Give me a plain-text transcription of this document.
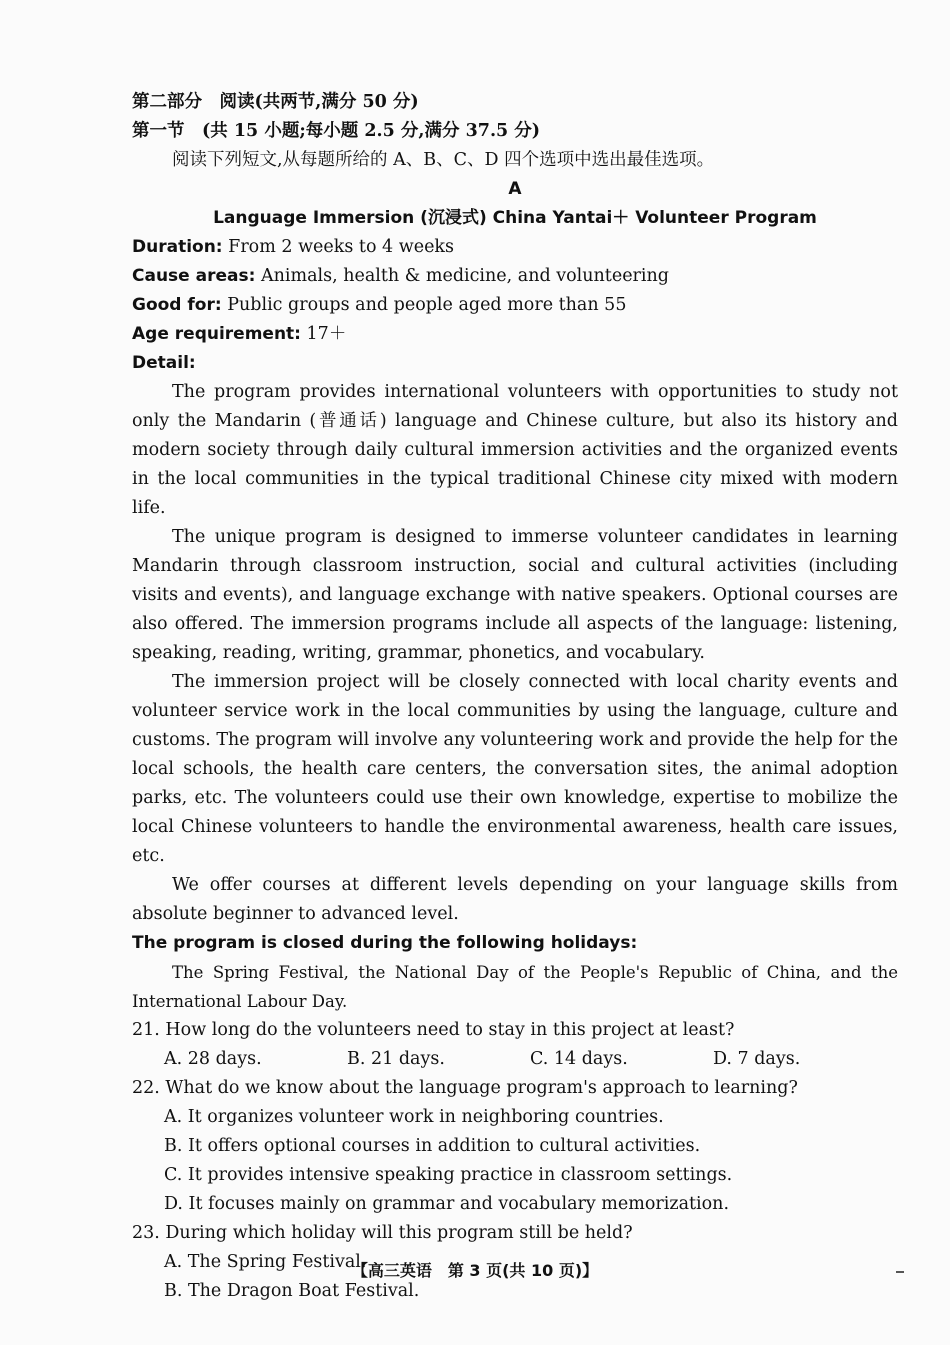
第二部分　阅读(共两节,满分 50 分)

第一节　(共 15 小题;每小题 2.5 分,满分 37.5 分)

阅读下列短文,从每题所给的 A、B、C、D 四个选项中选出最佳选项。

A

Language Immersion (沉浸式) China Yantai＋ Volunteer Program

Duration: From 2 weeks to 4 weeks

Cause areas: Animals, health & medicine, and volunteering

Good for: Public groups and people aged more than 55

Age requirement: 17＋

Detail:

The program provides international volunteers with opportunities to study not only the Mandarin (普通话) language and Chinese culture, but also its history and modern society through daily cultural immersion activities and the organized events in the local communities in the typical traditional Chinese city mixed with modern life.

The unique program is designed to immerse volunteer candidates in learning Mandarin through classroom instruction, social and cultural activities (including visits and events), and language exchange with native speakers. Optional courses are also offered. The immersion programs include all aspects of the language: listening, speaking, reading, writing, grammar, phonetics, and vocabulary.

The immersion project will be closely connected with local charity events and volunteer service work in the local communities by using the language, culture and customs. The program will involve any volunteering work and provide the help for the local schools, the health care centers, the conversation sites, the animal adoption parks, etc. The volunteers could use their own knowledge, expertise to mobilize the local Chinese volunteers to handle the environmental awareness, health care issues, etc.

We offer courses at different levels depending on your language skills from absolute beginner to advanced level.

The program is closed during the following holidays:

The Spring Festival, the National Day of the People's Republic of China, and the International Labour Day.

21. How long do the volunteers need to stay in this project at least?

A. 28 days.	B. 21 days.	C. 14 days.	D. 7 days.

22. What do we know about the language program's approach to learning?

A. It organizes volunteer work in neighboring countries.

B. It offers optional courses in addition to cultural activities.

C. It provides intensive speaking practice in classroom settings.

D. It focuses mainly on grammar and vocabulary memorization.

23. During which holiday will this program still be held?

A. The Spring Festival.

B. The Dragon Boat Festival.

【高三英语　第 3 页(共 10 页)】
